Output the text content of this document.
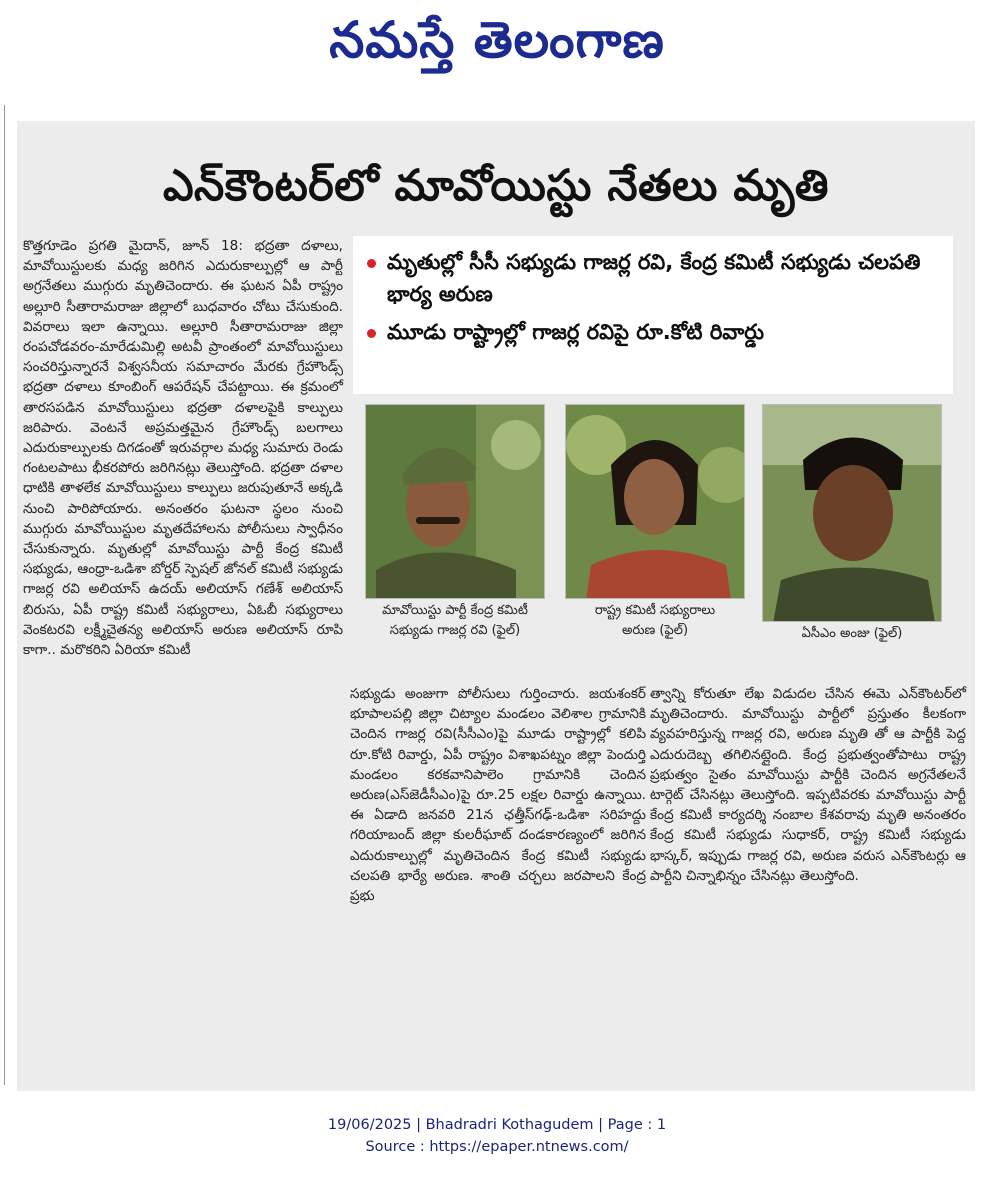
నమస్తే తెలంగాణ
ఎన్‌కౌంటర్‌లో మావోయిస్టు నేతలు మృతి

కొత్తగూడెం ప్రగతి మైదాన్, జూన్ 18: భద్రతా దళాలు, మావోయిస్టులకు మధ్య జరిగిన ఎదురుకాల్పుల్లో ఆ పార్టీ అగ్రనేతలు ముగ్గురు మృతిచెందారు. ఈ ఘటన ఏపీ రాష్ట్రం అల్లూరి సీతారామరాజు జిల్లాలో బుధవారం చోటు చేసుకుంది. వివరాలు ఇలా ఉన్నాయి. అల్లూరి సీతారామరాజు జిల్లా రంపచోడవరం-మారేడుమిల్లి అటవీ ప్రాంతంలో మావోయిస్టులు సంచరిస్తున్నారనే విశ్వసనీయ సమాచారం మేరకు గ్రేహౌండ్స్ భద్రతా దళాలు కూంబింగ్ ఆపరేషన్ చేపట్టాయి. ఈ క్రమంలో తారసపడిన మావోయిస్టులు భద్రతా దళాలపైకి కాల్పులు జరిపారు. వెంటనే అప్రమత్తమైన గ్రేహౌండ్స్ బలగాలు ఎదురుకాల్పులకు దిగడంతో ఇరువర్గాల మధ్య సుమారు రెండు గంటలపాటు భీకరపోరు జరిగినట్లు తెలుస్తోంది. భద్రతా దళాల ధాటికి తాళలేక మావోయిస్టులు కాల్పులు జరుపుతూనే అక్కడి నుంచి పారిపోయారు. అనంతరం ఘటనా స్థలం నుంచి ముగ్గురు మావోయిస్టుల మృతదేహాలను పోలీసులు స్వాధీనం చేసుకున్నారు. మృతుల్లో మావోయిస్టు పార్టీ కేంద్ర కమిటీ సభ్యుడు, ఆంధ్రా-ఒడిశా బోర్డర్ స్పెషల్ జోనల్ కమిటీ సభ్యుడు గాజర్ల రవి అలియాస్ ఉదయ్ అలియాస్ గణేశ్ అలియాస్ బిరుసు, ఏపీ రాష్ట్ర కమిటీ సభ్యురాలు, ఏఓబీ సభ్యురాలు వెంకటరవి లక్ష్మీచైతన్య అలియాస్ అరుణ అలియాస్ రూపి కాగా.. మరొకరిని ఏరియా కమిటీ

మృతుల్లో సీసీ సభ్యుడు గాజర్ల రవి, కేంద్ర కమిటీ సభ్యుడు చలపతి భార్య అరుణ
మూడు రాష్ట్రాల్లో గాజర్ల రవిపై రూ.కోటి రివార్డు
మావోయిస్టు పార్టీ కేంద్ర కమిటీ
సభ్యుడు గాజర్ల రవి (ఫైల్)
రాష్ట్ర కమిటీ సభ్యురాలు
అరుణ (ఫైల్)	ఏసీఎం అంజు (ఫైల్)

సభ్యుడు అంజుగా పోలీసులు గుర్తించారు. జయశంకర్ భూపాలపల్లి జిల్లా చిట్యాల మండలం వెలిశాల గ్రామానికి చెందిన గాజర్ల రవి(సీసీఎం)పై మూడు రాష్ట్రాల్లో కలిపి రూ.కోటి రివార్డు, ఏపీ రాష్ట్రం విశాఖపట్నం జిల్లా పెందుర్తి మండలం కరకవానిపాలెం గ్రామానికి చెందిన అరుణ(ఎస్‌జెడీసీఎం)పై రూ.25 లక్షల రివార్డు ఉన్నాయి. ఈ ఏడాది జనవరి 21న ఛత్తీస్‌గఢ్-ఒడిశా సరిహద్దు గరియాబంద్ జిల్లా కులరీఘాట్ దండకారణ్యంలో జరిగిన ఎదురుకాల్పుల్లో మృతిచెందిన కేంద్ర కమిటీ సభ్యుడు చలపతి భార్యే అరుణ. శాంతి చర్చలు జరపాలని కేంద్ర ప్రభు

త్వాన్ని కోరుతూ లేఖ విడుదల చేసిన ఈమె ఎన్‌కౌంటర్‌లో మృతిచెందారు. మావోయిస్టు పార్టీలో ప్రస్తుతం కీలకంగా వ్యవహరిస్తున్న గాజర్ల రవి, అరుణ మృతి తో ఆ పార్టీకి పెద్ద ఎదురుదెబ్బ తగిలినట్లైంది. కేంద్ర ప్రభుత్వంతోపాటు రాష్ట్ర ప్రభుత్వం సైతం మావోయిస్టు పార్టీకి చెందిన అగ్రనేతలనే టార్గెట్ చేసినట్లు తెలుస్తోంది. ఇప్పటివరకు మావోయిస్టు పార్టీ కేంద్ర కమిటీ కార్యదర్శి నంబాల కేశవరావు మృతి అనంతరం కేంద్ర కమిటీ సభ్యుడు సుధాకర్, రాష్ట్ర కమిటీ సభ్యుడు భాస్కర్, ఇప్పుడు గాజర్ల రవి, అరుణ వరుస ఎన్‌కౌంటర్లు ఆ పార్టీని చిన్నాభిన్నం చేసినట్లు తెలుస్తోంది.

19/06/2025 | Bhadradri Kothagudem | Page : 1
Source : https://epaper.ntnews.com/
